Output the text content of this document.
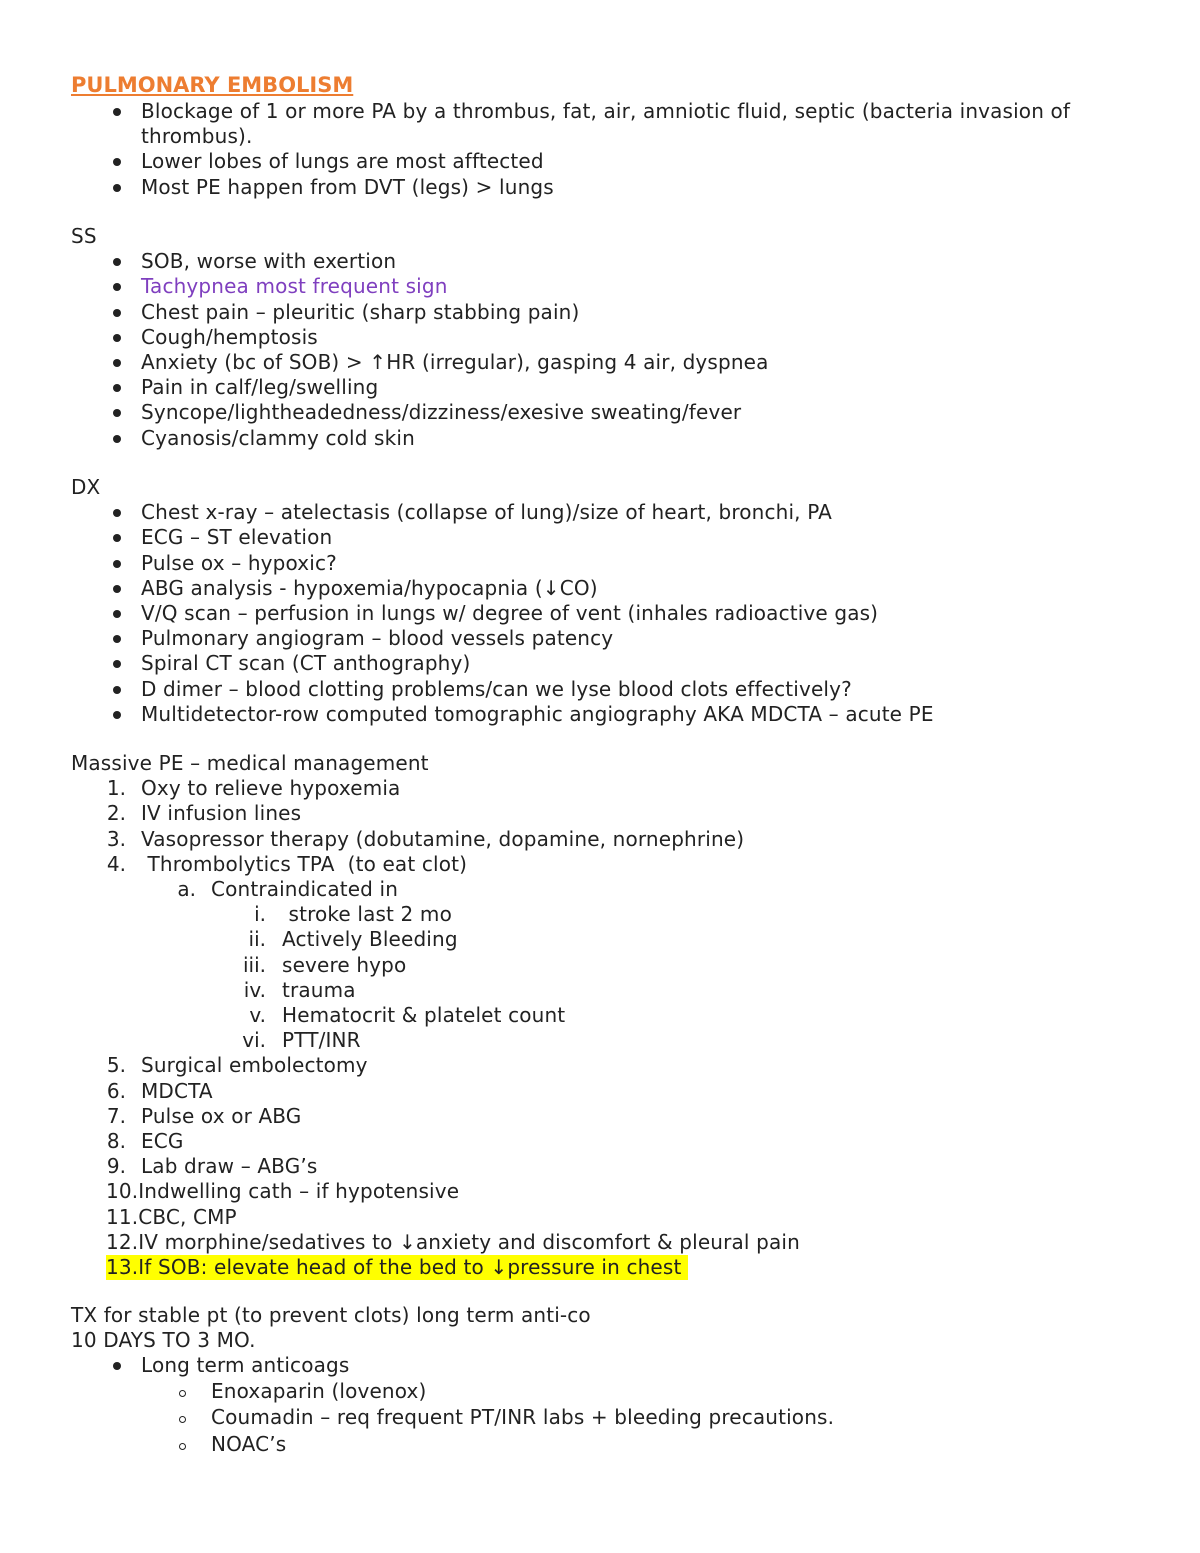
PULMONARY EMBOLISM
Blockage of 1 or more PA by a thrombus, fat, air, amniotic fluid, septic (bacteria invasion of
thrombus).
Lower lobes of lungs are most afftected
Most PE happen from DVT (legs) > lungs
SS
SOB, worse with exertion
Tachypnea most frequent sign
Chest pain – pleuritic (sharp stabbing pain)
Cough/hemptosis
Anxiety (bc of SOB) > ↑HR (irregular), gasping 4 air, dyspnea
Pain in calf/leg/swelling
Syncope/lightheadedness/dizziness/exesive sweating/fever
Cyanosis/clammy cold skin
DX
Chest x-ray – atelectasis (collapse of lung)/size of heart, bronchi, PA
ECG – ST elevation
Pulse ox – hypoxic?
ABG analysis - hypoxemia/hypocapnia (↓CO)
V/Q scan – perfusion in lungs w/ degree of vent (inhales radioactive gas)
Pulmonary angiogram – blood vessels patency
Spiral CT scan (CT anthography)
D dimer – blood clotting problems/can we lyse blood clots effectively?
Multidetector-row computed tomographic angiography AKA MDCTA – acute PE
Massive PE – medical management
1. Oxy to relieve hypoxemia
2. IV infusion lines
3. Vasopressor therapy (dobutamine, dopamine, nornephrine)
4. Thrombolytics TPA  (to eat clot)
a. Contraindicated in
i. stroke last 2 mo
ii. Actively Bleeding
iii. severe hypo
iv. trauma
v. Hematocrit & platelet count
vi. PTT/INR
5. Surgical embolectomy
6. MDCTA
7. Pulse ox or ABG
8. ECG
9. Lab draw – ABG’s
10.Indwelling cath – if hypotensive
11.CBC, CMP
12.IV morphine/sedatives to ↓anxiety and discomfort & pleural pain
13.If SOB: elevate head of the bed to ↓pressure in chest
TX for stable pt (to prevent clots) long term anti-co
10 DAYS TO 3 MO.
Long term anticoags
Enoxaparin (lovenox)
Coumadin – req frequent PT/INR labs + bleeding precautions.
NOAC’s
